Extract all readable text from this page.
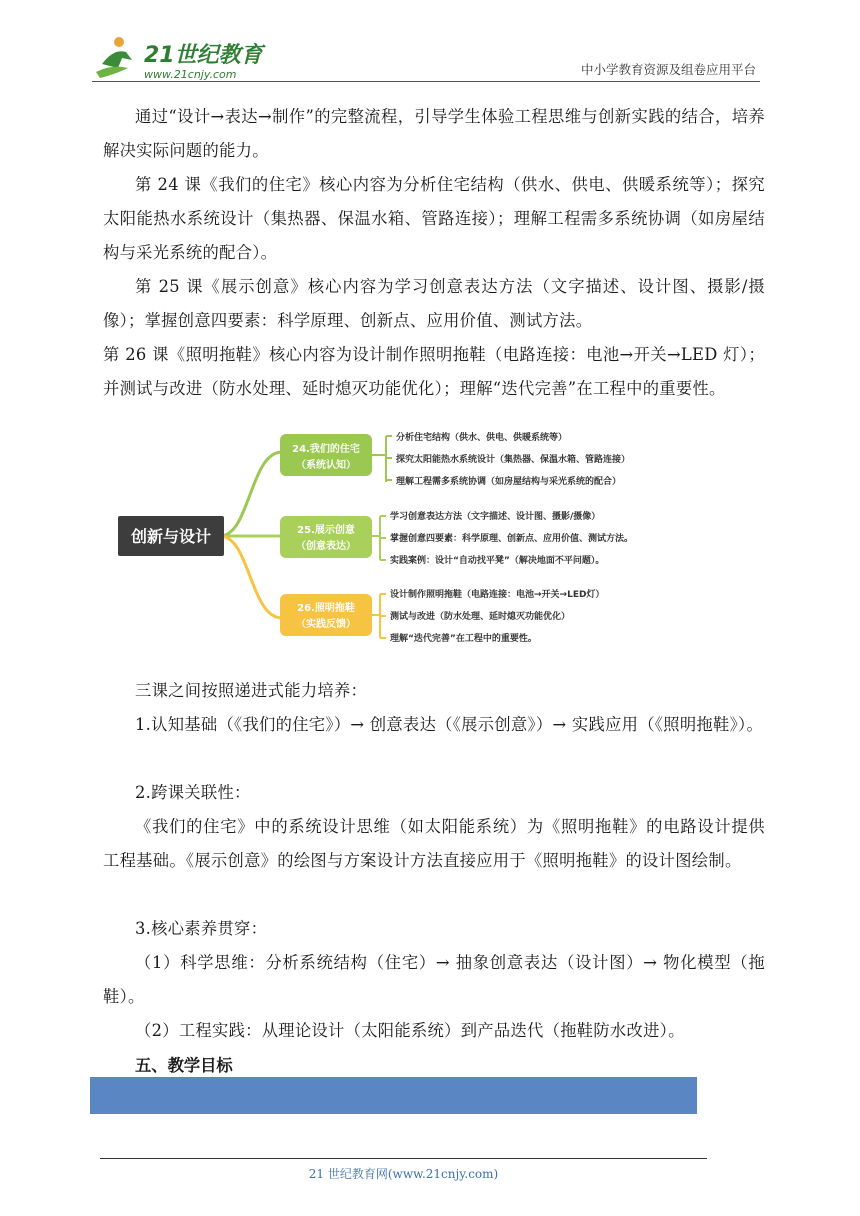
21世纪教育
www.21cnjy.com	中小学教育资源及组卷应用平台
通过“设计→表达→制作”的完整流程，引导学生体验工程思维与创新实践的结合，培养解决实际问题的能力。
第 24 课《我们的住宅》核心内容为分析住宅结构（供水、供电、供暖系统等）；探究太阳能热水系统设计（集热器、保温水箱、管路连接）；理解工程需多系统协调（如房屋结构与采光系统的配合）。
第 25 课《展示创意》核心内容为学习创意表达方法（文字描述、设计图、摄影/摄像）；掌握创意四要素：科学原理、创新点、应用价值、测试方法。
第 26 课《照明拖鞋》核心内容为设计制作照明拖鞋（电路连接：电池→开关→LED 灯）；并测试与改进（防水处理、延时熄灭功能优化）；理解“迭代完善”在工程中的重要性。
创新与设计
24.我们的住宅
（系统认知）
分析住宅结构（供水、供电、供暖系统等）
探究太阳能热水系统设计（集热器、保温水箱、管路连接）
理解工程需多系统协调（如房屋结构与采光系统的配合）
25.展示创意
（创意表达）
学习创意表达方法（文字描述、设计图、摄影/摄像）
掌握创意四要素：科学原理、创新点、应用价值、测试方法。
实践案例：设计“自动找平凳”（解决地面不平问题）。
26.照明拖鞋
（实践反馈）
设计制作照明拖鞋（电路连接：电池→开关→LED灯）
测试与改进（防水处理、延时熄灭功能优化）
理解“迭代完善”在工程中的重要性。
三课之间按照递进式能力培养：
1.认知基础（《我们的住宅》）→ 创意表达（《展示创意》）→ 实践应用（《照明拖鞋》）。
2.跨课关联性：
《我们的住宅》中的系统设计思维（如太阳能系统）为《照明拖鞋》的电路设计提供工程基础。《展示创意》的绘图与方案设计方法直接应用于《照明拖鞋》的设计图绘制。
3.核心素养贯穿：
（1）科学思维：分析系统结构（住宅）→ 抽象创意表达（设计图）→ 物化模型（拖鞋）。
（2）工程实践：从理论设计（太阳能系统）到产品迭代（拖鞋防水改进）。
五、教学目标
21 世纪教育网(www.21cnjy.com)
